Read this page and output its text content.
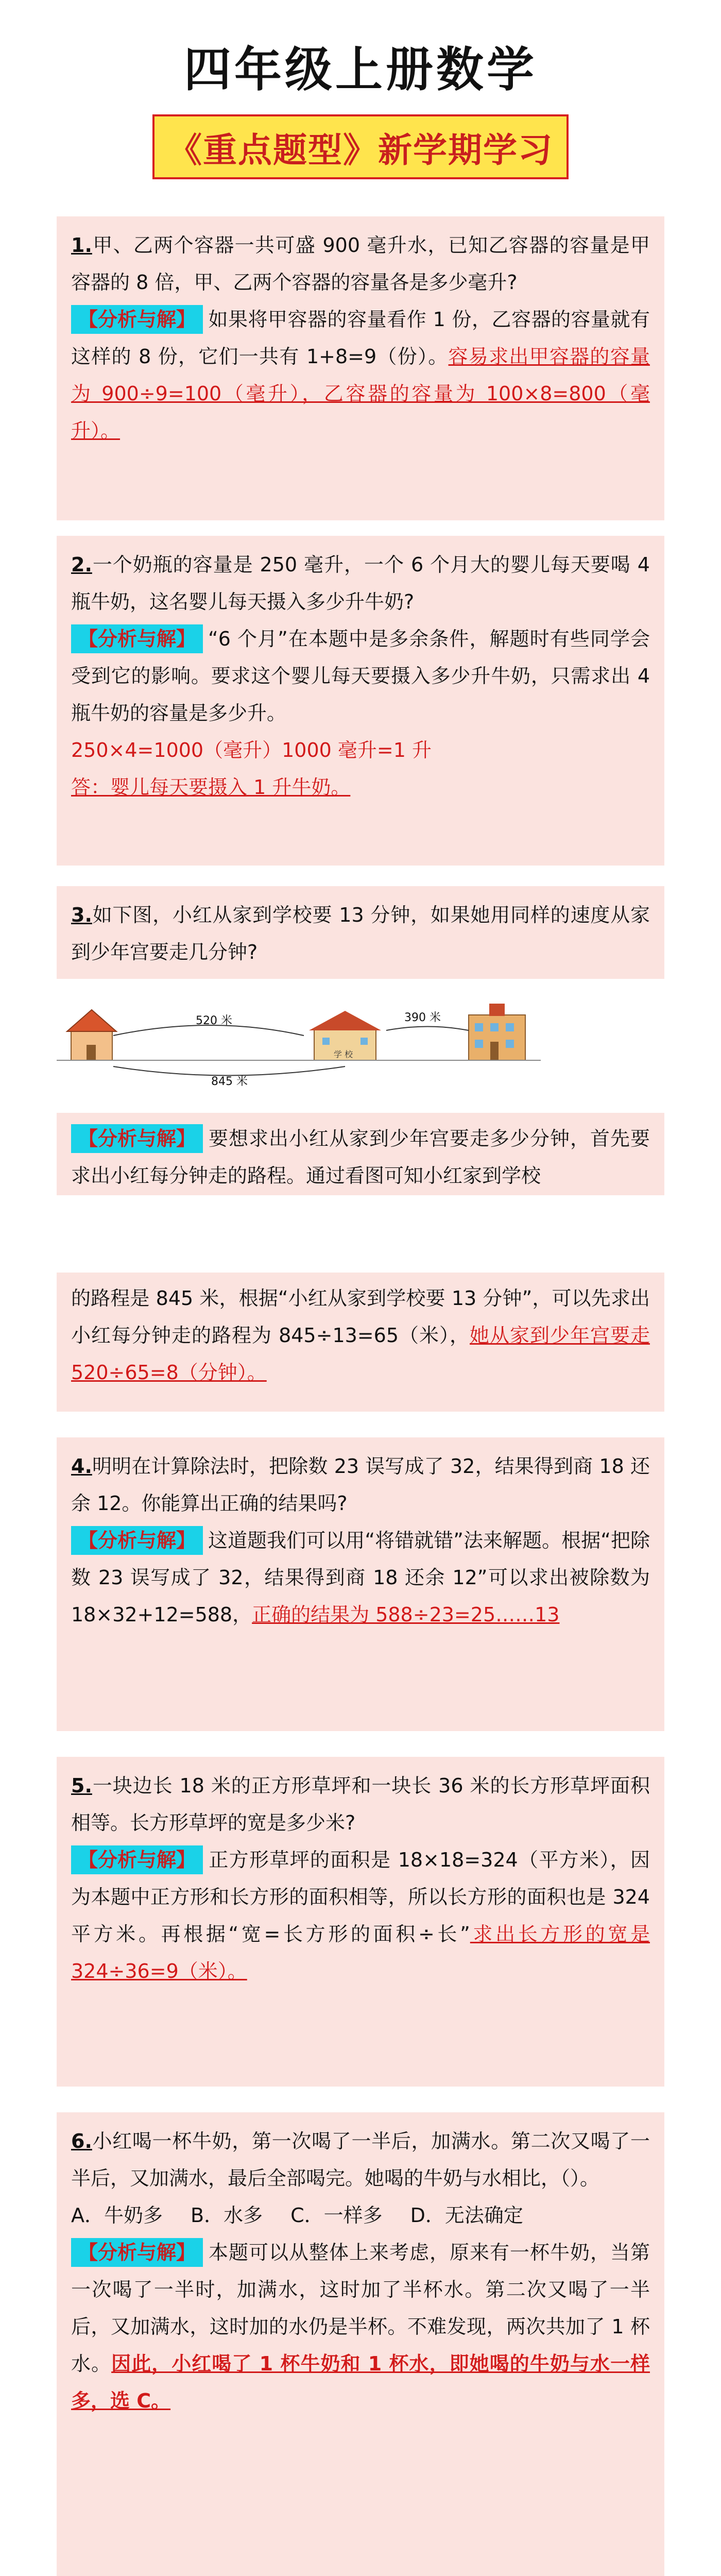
四年级上册数学
《重点题型》新学期学习

1.甲、乙两个容器一共可盛 900 毫升水，已知乙容器的容量是甲容器的 8 倍，甲、乙两个容器的容量各是多少毫升?

【分析与解】 如果将甲容器的容量看作 1 份，乙容器的容量就有这样的 8 份，它们一共有 1+8=9（份）。容易求出甲容器的容量为 900÷9=100（毫升），乙容器的容量为 100×8=800（毫升）。

2.一个奶瓶的容量是 250 毫升，一个 6 个月大的婴儿每天要喝 4 瓶牛奶，这名婴儿每天摄入多少升牛奶?

【分析与解】 “6 个月”在本题中是多余条件，解题时有些同学会受到它的影响。要求这个婴儿每天要摄入多少升牛奶，只需求出 4 瓶牛奶的容量是多少升。

250×4=1000（毫升）1000 毫升=1 升

答：婴儿每天要摄入 1 升牛奶。

3.如下图，小红从家到学校要 13 分钟，如果她用同样的速度从家到少年宫要走几分钟?

学 校
520 米	390 米
845 米

【分析与解】 要想求出小红从家到少年宫要走多少分钟，首先要求出小红每分钟走的路程。通过看图可知小红家到学校

的路程是 845 米，根据“小红从家到学校要 13 分钟”，可以先求出小红每分钟走的路程为 845÷13=65（米），她从家到少年宫要走 520÷65=8（分钟）。

4.明明在计算除法时，把除数 23 误写成了 32，结果得到商 18 还余 12。你能算出正确的结果吗?

【分析与解】 这道题我们可以用“将错就错”法来解题。根据“把除数 23 误写成了 32，结果得到商 18 还余 12”可以求出被除数为 18×32+12=588，正确的结果为 588÷23=25……13

5.一块边长 18 米的正方形草坪和一块长 36 米的长方形草坪面积相等。长方形草坪的宽是多少米?

【分析与解】 正方形草坪的面积是 18×18=324（平方米），因为本题中正方形和长方形的面积相等，所以长方形的面积也是 324 平方米。再根据“宽=长方形的面积÷长”求出长方形的宽是 324÷36=9（米）。

6.小红喝一杯牛奶，第一次喝了一半后，加满水。第二次又喝了一半后，又加满水，最后全部喝完。她喝的牛奶与水相比，（）。

A．牛奶多 B．水多 C．一样多 D．无法确定

【分析与解】 本题可以从整体上来考虑，原来有一杯牛奶，当第一次喝了一半时，加满水，这时加了半杯水。第二次又喝了一半后，又加满水，这时加的水仍是半杯。不难发现，两次共加了 1 杯水。因此，小红喝了 1 杯牛奶和 1 杯水，即她喝的牛奶与水一样多，选 C。
